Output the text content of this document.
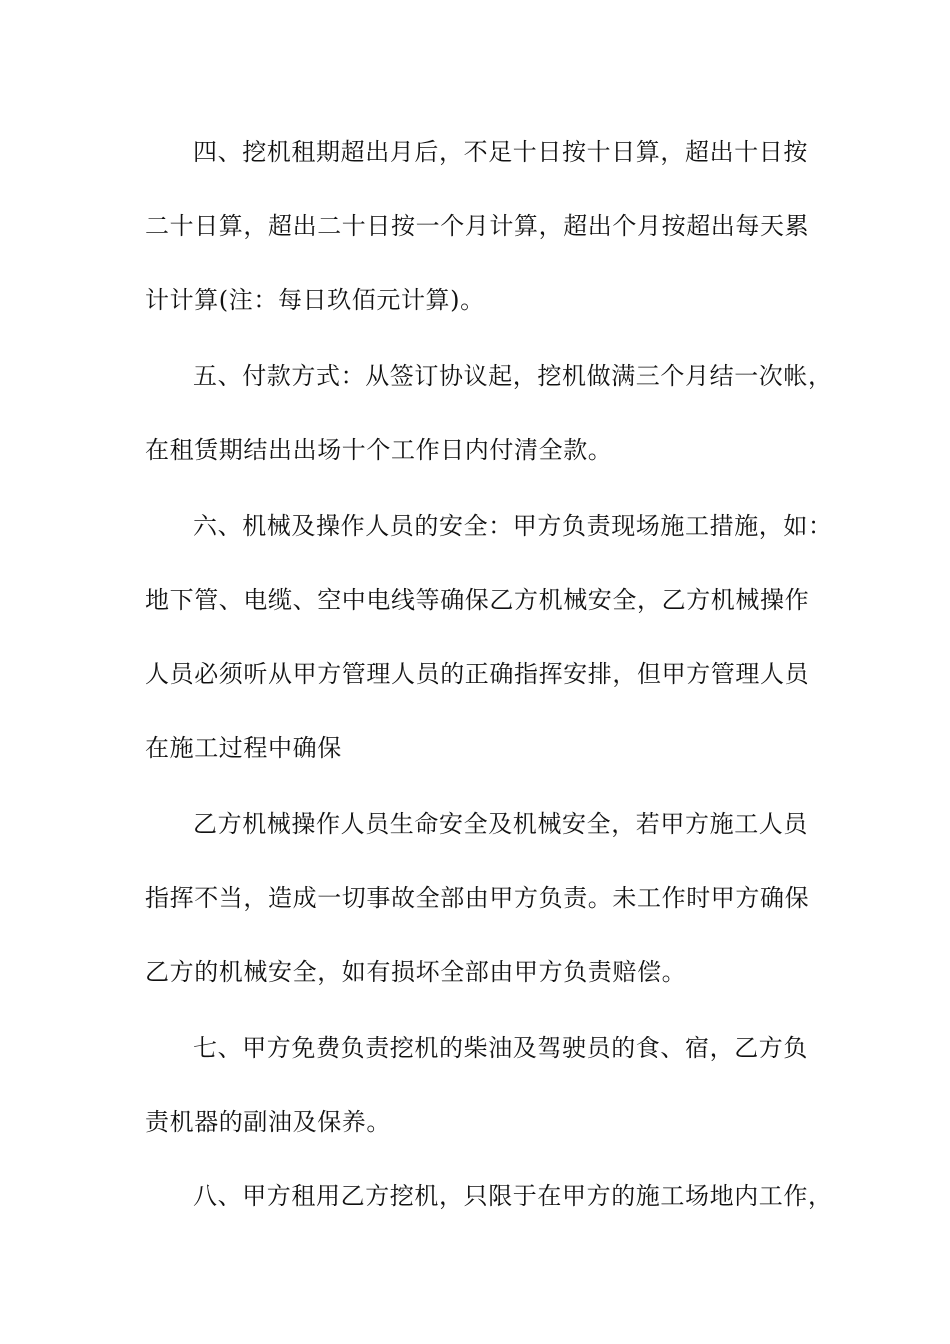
四、挖机租期超出月后，不足十日按十日算，超出十日按
二十日算，超出二十日按一个月计算，超出个月按超出每天累
计计算(注：每日玖佰元计算)。
五、付款方式：从签订协议起，挖机做满三个月结一次帐，
在租赁期结出出场十个工作日内付清全款。
六、机械及操作人员的安全：甲方负责现场施工措施，如：
地下管、电缆、空中电线等确保乙方机械安全，乙方机械操作
人员必须听从甲方管理人员的正确指挥安排，但甲方管理人员
在施工过程中确保
乙方机械操作人员生命安全及机械安全，若甲方施工人员
指挥不当，造成一切事故全部由甲方负责。未工作时甲方确保
乙方的机械安全，如有损坏全部由甲方负责赔偿。
七、甲方免费负责挖机的柴油及驾驶员的食、宿，乙方负
责机器的副油及保养。
八、甲方租用乙方挖机，只限于在甲方的施工场地内工作，
